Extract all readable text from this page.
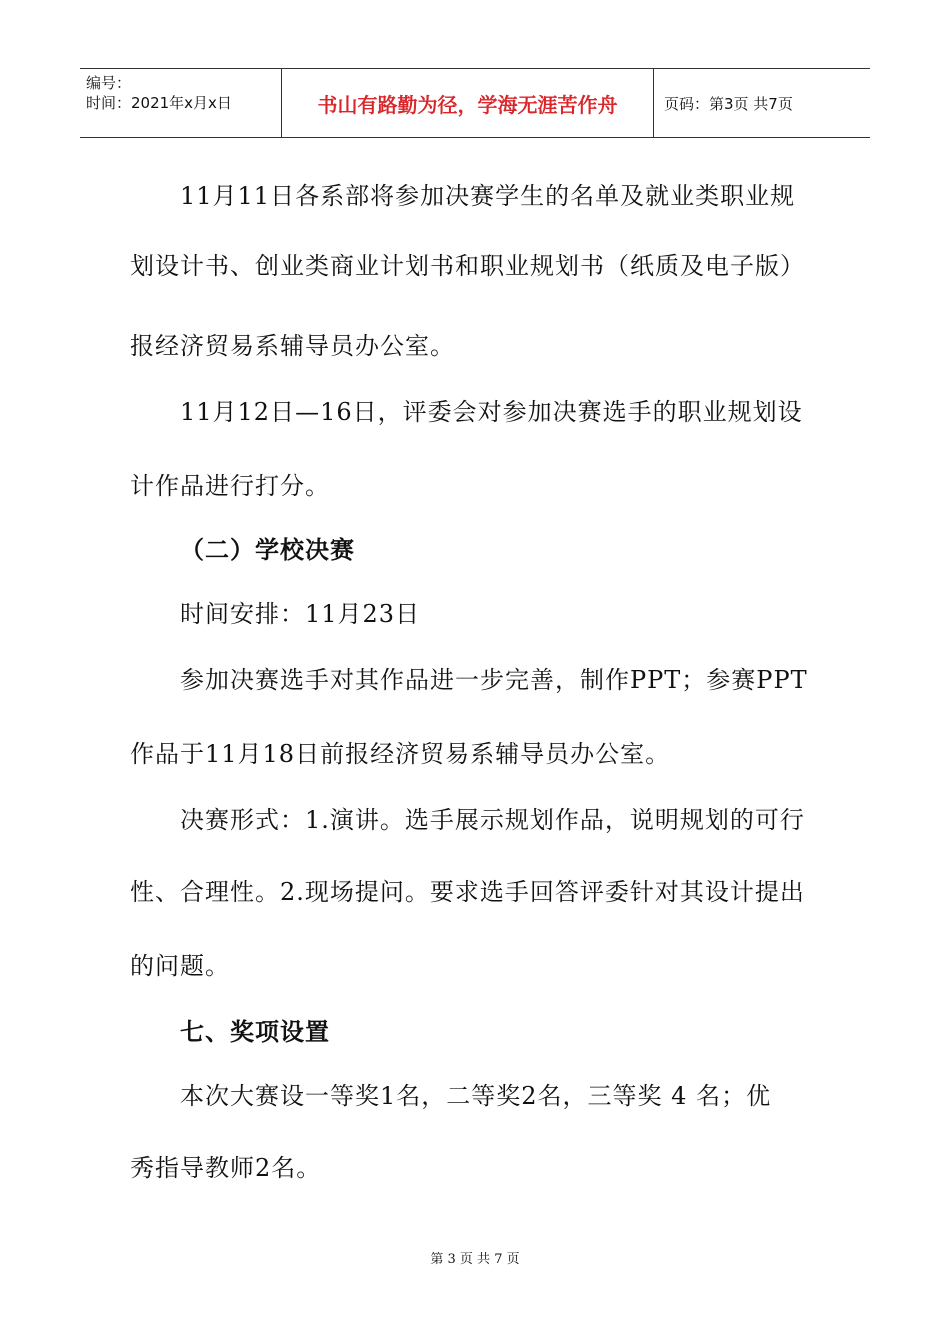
编号：
时间：2021年x月x日	书山有路勤为径，学海无涯苦作舟	页码：第3页 共7页
11月11日各系部将参加决赛学生的名单及就业类职业规
划设计书、创业类商业计划书和职业规划书（纸质及电子版）
报经济贸易系辅导员办公室。
11月12日—16日，评委会对参加决赛选手的职业规划设
计作品进行打分。
（二）学校决赛
时间安排：11月23日
参加决赛选手对其作品进一步完善，制作PPT；参赛PPT
作品于11月18日前报经济贸易系辅导员办公室。
决赛形式：1.演讲。选手展示规划作品，说明规划的可行
性、合理性。2.现场提问。要求选手回答评委针对其设计提出
的问题。
七、奖项设置
本次大赛设一等奖1名，二等奖2名，三等奖 4 名；优
秀指导教师2名。
第 3 页 共 7 页
